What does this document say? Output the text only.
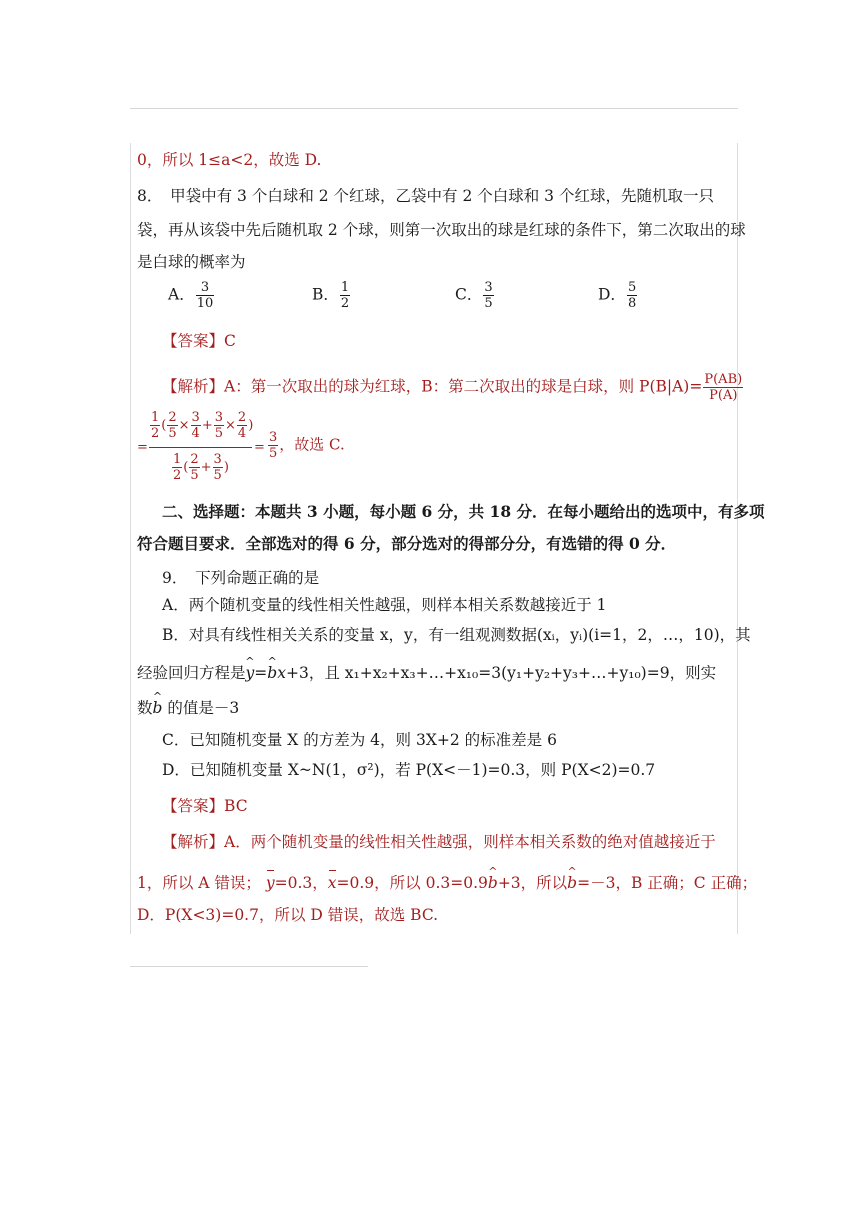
0，所以 1≤a<2，故选 D.
8．　甲袋中有 3 个白球和 2 个红球，乙袋中有 2 个白球和 3 个红球，先随机取一只
袋，再从该袋中先后随机取 2 个球，则第一次取出的球是红球的条件下，第二次取出的球
是白球的概率为
A． $\frac{3}{10}$	B． $\frac{1}{2}$	C． $\frac{3}{5}$	D． $\frac{5}{8}$
【答案】C
【解析】A：第一次取出的球为红球，B：第二次取出的球是白球，则 $P(B|A)= \frac{P(AB)}{P(A)}$
=
$\frac{1}{2}$ ( $\frac{2}{5} \times \frac{3}{4} + \frac{3}{5} \times \frac{2}{4}$ )
$\frac{1}{2}$ ( $\frac{2}{5} + \frac{3}{5}$ )
= $\frac{3}{5}$ ，故选 C.
二、选择题：本题共 3 小题，每小题 6 分，共 18 分．在每小题给出的选项中，有多项
符合题目要求．全部选对的得 6 分，部分选对的得部分分，有选错的得 0 分．
9．　下列命题正确的是
A．两个随机变量的线性相关性越强，则样本相关系数越接近于 1
B．对具有线性相关关系的变量 x，y，有一组观测数据(xᵢ，yᵢ)(i=1，2，…，10)，其
经验回归方程是^ y=^ bx+3，且 x₁+x₂+x₃+…+x₁₀=3(y₁+y₂+y₃+…+y₁₀)=9，则实
数^ b 的值是－3
C．已知随机变量 X 的方差为 4，则 3X+2 的标准差是 6
D．已知随机变量 X~N(1，σ²)，若 P(X<－1)=0.3，则 P(X<2)=0.7
【答案】BC
【解析】A．两个随机变量的线性相关性越强，则样本相关系数的绝对值越接近于
1，所以 A 错误； y=0.3，x=0.9，所以 0.3=0.9^ b+3，所以^ b=－3，B 正确；C 正确；
D．P(X<3)=0.7，所以 D 错误，故选 BC.
